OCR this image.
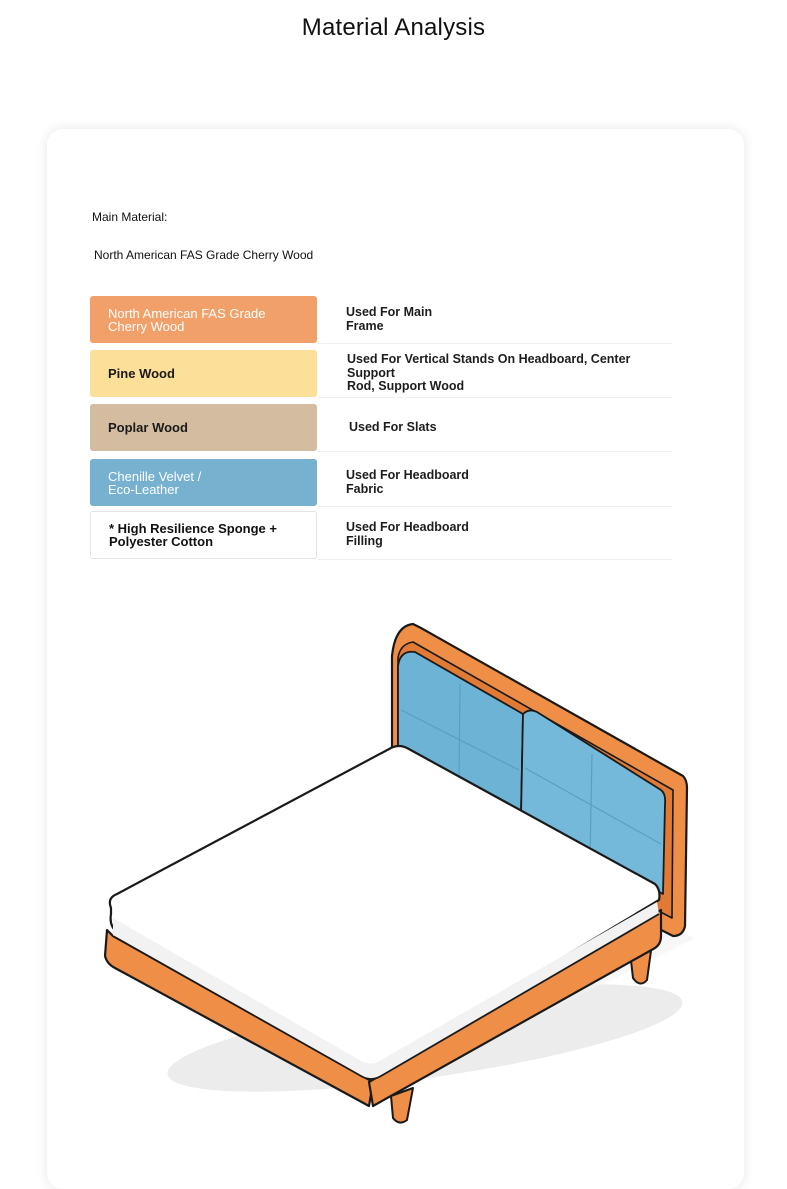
Material Analysis
Main Material:
North American FAS Grade Cherry Wood
North American FAS Grade
Cherry Wood
Used For Main
Frame
Pine Wood
Used For Vertical Stands On Headboard, Center Support
Rod, Support Wood
Poplar Wood	Used For Slats
Chenille Velvet /
Eco-Leather
Used For Headboard
Fabric
* High Resilience Sponge +
Polyester Cotton
Used For Headboard
Filling
